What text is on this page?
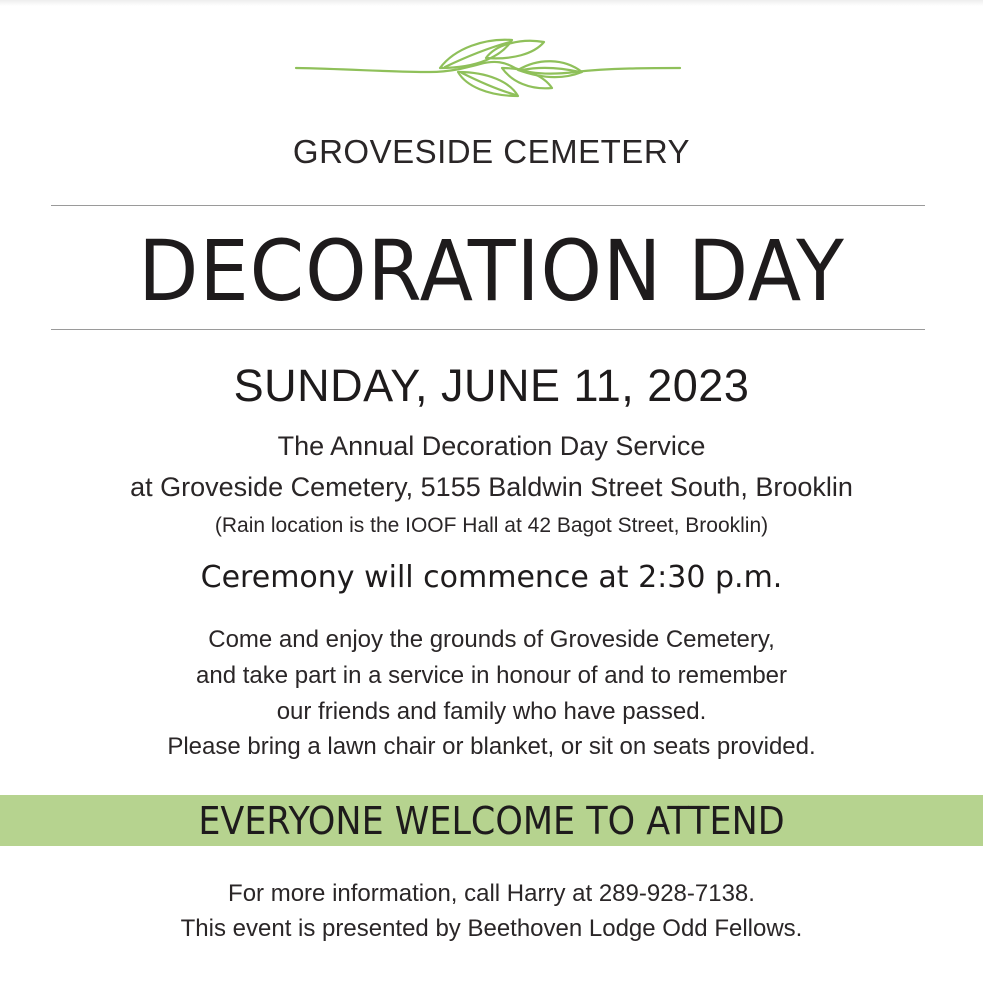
GROVESIDE CEMETERY

DECORATION DAY

SUNDAY, JUNE 11, 2023

The Annual Decoration Day Service

at Groveside Cemetery, 5155 Baldwin Street South, Brooklin

(Rain location is the IOOF Hall at 42 Bagot Street, Brooklin)

Ceremony will commence at 2:30 p.m.

Come and enjoy the grounds of Groveside Cemetery,

and take part in a service in honour of and to remember

our friends and family who have passed.

Please bring a lawn chair or blanket, or sit on seats provided.

EVERYONE WELCOME TO ATTEND

For more information, call Harry at 289-928-7138.

This event is presented by Beethoven Lodge Odd Fellows.
